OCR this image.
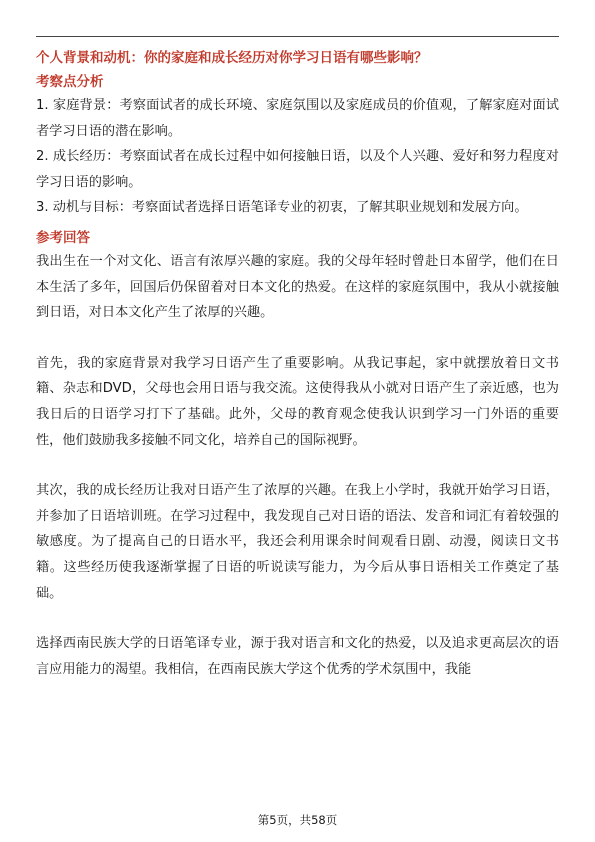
个人背景和动机：你的家庭和成长经历对你学习日语有哪些影响？

考察点分析

1. 家庭背景：考察面试者的成长环境、家庭氛围以及家庭成员的价值观，了解家庭对面试者学习日语的潜在影响。

2. 成长经历：考察面试者在成长过程中如何接触日语，以及个人兴趣、爱好和努力程度对学习日语的影响。

3. 动机与目标：考察面试者选择日语笔译专业的初衷，了解其职业规划和发展方向。

参考回答

我出生在一个对文化、语言有浓厚兴趣的家庭。我的父母年轻时曾赴日本留学，他们在日本生活了多年，回国后仍保留着对日本文化的热爱。在这样的家庭氛围中，我从小就接触到日语，对日本文化产生了浓厚的兴趣。

首先，我的家庭背景对我学习日语产生了重要影响。从我记事起，家中就摆放着日文书籍、杂志和DVD，父母也会用日语与我交流。这使得我从小就对日语产生了亲近感，也为我日后的日语学习打下了基础。此外，父母的教育观念使我认识到学习一门外语的重要性，他们鼓励我多接触不同文化，培养自己的国际视野。

其次，我的成长经历让我对日语产生了浓厚的兴趣。在我上小学时，我就开始学习日语，并参加了日语培训班。在学习过程中，我发现自己对日语的语法、发音和词汇有着较强的敏感度。为了提高自己的日语水平，我还会利用课余时间观看日剧、动漫，阅读日文书籍。这些经历使我逐渐掌握了日语的听说读写能力，为今后从事日语相关工作奠定了基础。

选择西南民族大学的日语笔译专业，源于我对语言和文化的热爱，以及追求更高层次的语言应用能力的渴望。我相信，在西南民族大学这个优秀的学术氛围中，我能

第5页，共58页
